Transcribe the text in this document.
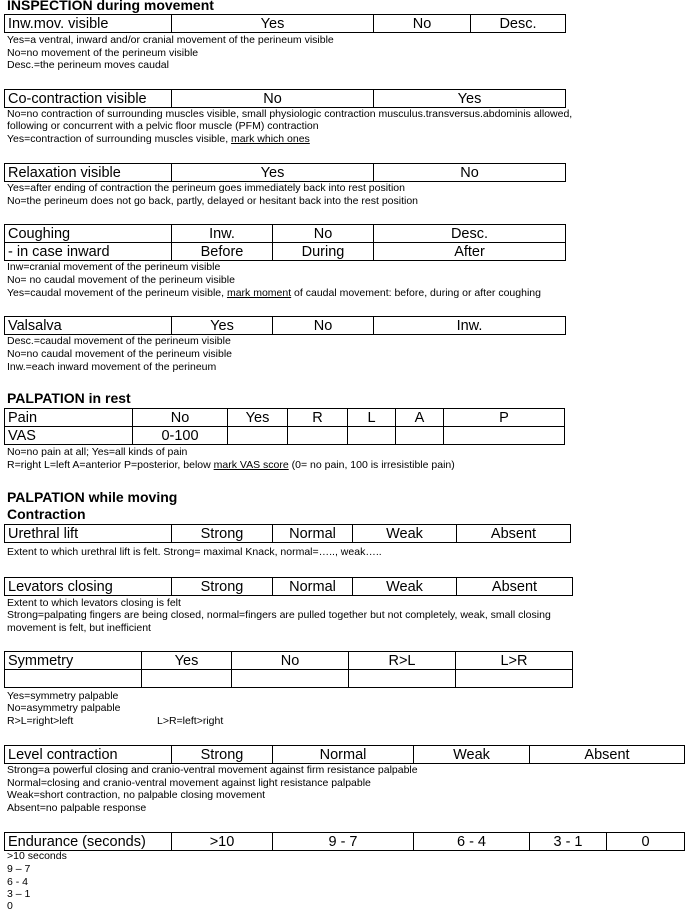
INSPECTION during movement
Inw.mov. visible	Yes	No	Desc.
Yes=a ventral, inward and/or cranial movement of the perineum visible
No=no movement of the perineum visible
Desc.=the perineum moves caudal
Co-contraction visible	No	Yes
No=no contraction of surrounding muscles visible, small physiologic contraction musculus.transversus.abdominis allowed,
following or concurrent with a pelvic floor muscle (PFM) contraction
Yes=contraction of surrounding muscles visible, mark which ones
Relaxation visible	Yes	No
Yes=after ending of contraction the perineum goes immediately back into rest position
No=the perineum does not go back, partly, delayed or hesitant back into the rest position
Coughing	Inw.	No	Desc.
- in case inward	Before	During	After
Inw=cranial movement of the perineum visible
No= no caudal movement of the perineum visible
Yes=caudal movement of the perineum visible, mark moment of caudal movement: before, during or after coughing
Valsalva	Yes	No	Inw.
Desc.=caudal movement of the perineum visible
No=no caudal movement of the perineum visible
Inw.=each inward movement of the perineum
PALPATION in rest
Pain	No	Yes	R	L	A	P
VAS	0-100					
No=no pain at all; Yes=all kinds of pain
R=right L=left A=anterior P=posterior, below mark VAS score (0= no pain, 100 is irresistible pain)
PALPATION while moving
Contraction
Urethral lift	Strong	Normal	Weak	Absent
Extent to which urethral lift is felt. Strong= maximal Knack, normal=….., weak…..
Levators closing	Strong	Normal	Weak	Absent
Extent to which levators closing is felt
Strong=palpating fingers are being closed, normal=fingers are pulled together but not completely, weak, small closing
movement is felt, but inefficient
Symmetry	Yes	No	R>L	L>R

Yes=symmetry palpable
No=asymmetry palpable
R>L=right>left	L>R=left>right
Level contraction	Strong	Normal	Weak	Absent
Strong=a powerful closing and cranio-ventral movement against firm resistance palpable
Normal=closing and cranio-ventral movement against light resistance palpable
Weak=short contraction, no palpable closing movement
Absent=no palpable response
Endurance (seconds)	>10	9 - 7	6 - 4	3 - 1	0
>10 seconds
9 – 7
6 - 4
3 – 1
0
